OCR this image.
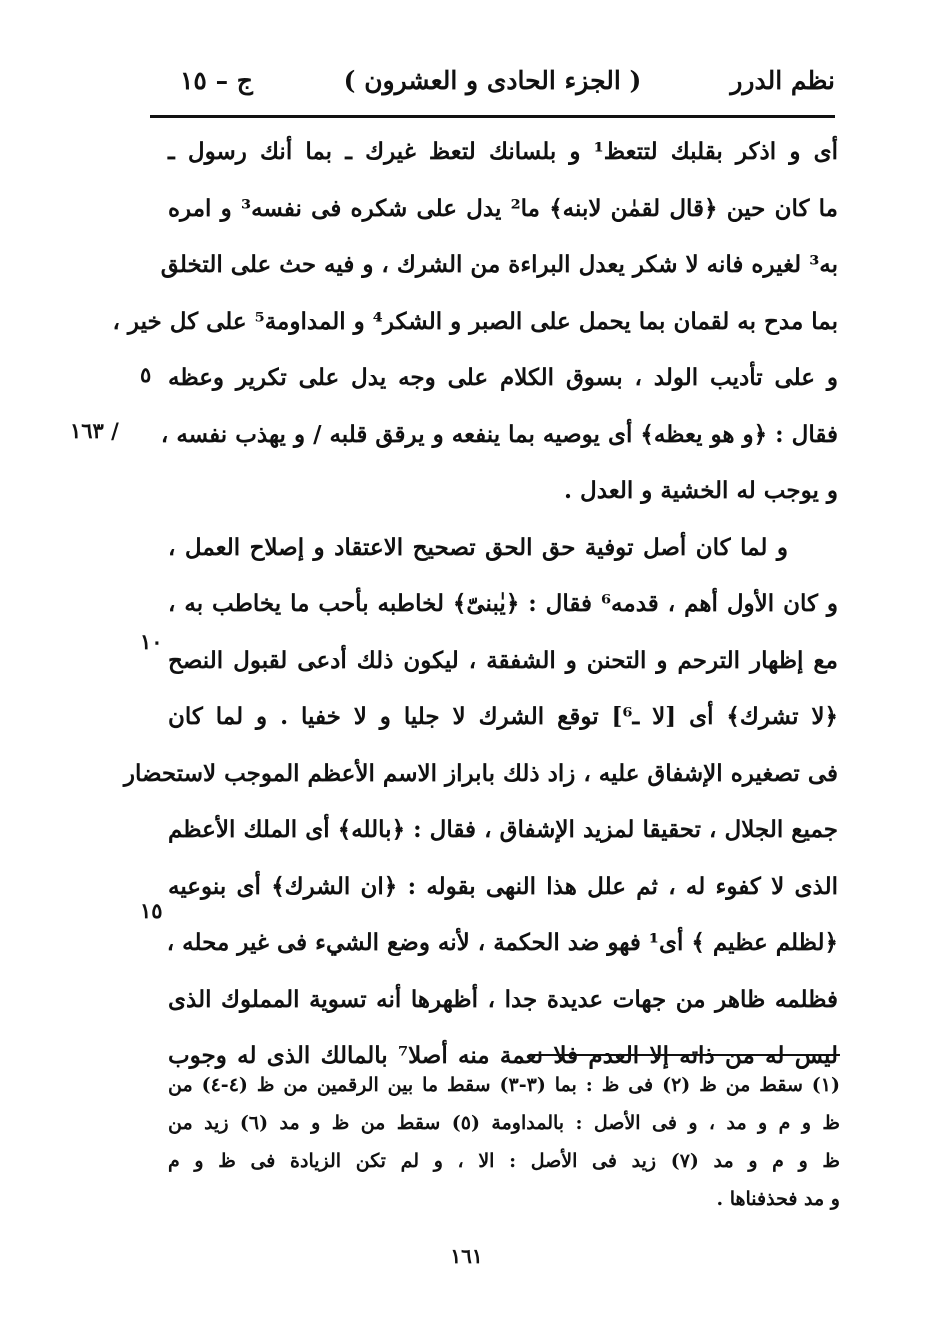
نظم الدرر
( الجزء الحادى و العشرون )
ج – ١٥
أى و اذكر بقلبك لتتعظ¹ و بلسانك لتعظ غيرك ـ بما أنك رسول ـ
ما كان حين ﴿قال لقمٰن لابنه﴾ ما² يدل على شكره فى نفسه³ و امره
به³ لغيره فانه لا شكر يعدل البراءة من الشرك ، و فيه حث على التخلق
بما مدح به لقمان بما يحمل على الصبر و الشكر⁴ و المداومة⁵ على كل خير ،
و على تأديب الولد ، بسوق الكلام على وجه يدل على تكرير وعظه
فقال : ﴿و هو يعظه﴾ أى يوصيه بما ينفعه و يرقق قلبه / و يهذب نفسه ،
و يوجب له الخشية و العدل .
و لما كان أصل توفية حق الحق تصحيح الاعتقاد و إصلاح العمل ،
و كان الأول أهم ، قدمه⁶ فقال : ﴿يٰبنىّ﴾ لخاطبه بأحب ما يخاطب به ،
مع إظهار الترحم و التحنن و الشفقة ، ليكون ذلك أدعى لقبول النصح
﴿لا تشرك﴾ أى [لا ـ⁶] توقع الشرك لا جليا و لا خفيا . و لما كان
فى تصغيره الإشفاق عليه ، زاد ذلك بابراز الاسم الأعظم الموجب لاستحضار
جميع الجلال ، تحقيقا لمزيد الإشفاق ، فقال : ﴿بالله﴾ أى الملك الأعظم
الذى لا كفوء له ، ثم علل هذا النهى بقوله : ﴿ان الشرك﴾ أى بنوعيه
﴿لظلم عظيم ﴾ أى¹ فهو ضد الحكمة ، لأنه وضع الشيء فى غير محله ،
فظلمه ظاهر من جهات عديدة جدا ، أظهرها أنه تسوية المملوك الذى
ليس له من ذاته إلا العدم فلا نعمة منه أصلا⁷ بالمالك الذى له وجوب
٥
١٠
١٥
/ ١٦٣
(١) سقط من ظ (٢) فى ظ : بما (٣-٣) سقط ما بين الرقمين من ظ (٤-٤) من
ظ و م و مد ، و فى الأصل : بالمداومة (٥) سقط من ظ و مد (٦) زيد من
ظ و م و مد (٧) زيد فى الأصل : الا ، و لم تكن الزيادة فى ظ و م
و مد فحذفناها .
١٦١
